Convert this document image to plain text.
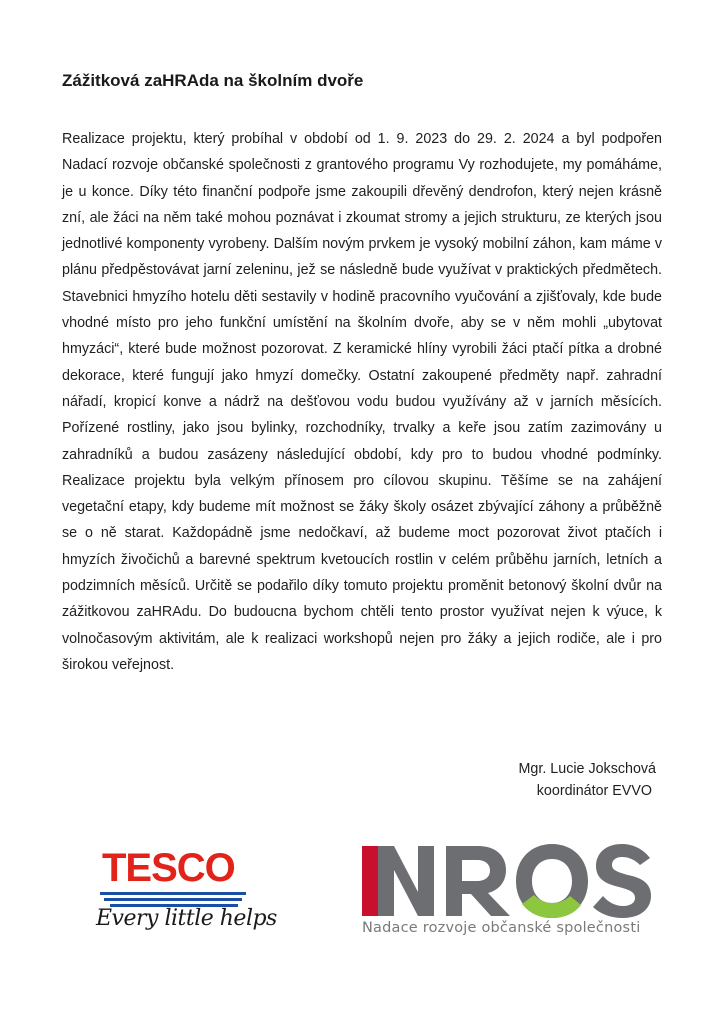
Zážitková zaHRAda na školním dvoře

Realizace projektu, který probíhal v období od 1. 9. 2023 do 29. 2. 2024 a byl podpořen Nadací rozvoje občanské společnosti z grantového programu Vy rozhodujete, my pomáháme, je u konce. Díky této finanční podpoře jsme zakoupili dřevěný dendrofon, který nejen krásně zní, ale žáci na něm také mohou poznávat i zkoumat stromy a jejich strukturu, ze kterých jsou jednotlivé komponenty vyrobeny. Dalším novým prvkem je vysoký mobilní záhon, kam máme v plánu předpěstovávat jarní zeleninu, jež se následně bude využívat v praktických předmětech. Stavebnici hmyzího hotelu děti sestavily v hodině pracovního vyučování a zjišťovaly, kde bude vhodné místo pro jeho funkční umístění na školním dvoře, aby se v něm mohli „ubytovat hmyzáci“, které bude možnost pozorovat. Z keramické hlíny vyrobili žáci ptačí pítka a drobné dekorace, které fungují jako hmyzí domečky. Ostatní zakoupené předměty např. zahradní nářadí, kropicí konve a nádrž na dešťovou vodu budou využívány až v jarních měsících. Pořízené rostliny, jako jsou bylinky, rozchodníky, trvalky a keře jsou zatím zazimovány u zahradníků a budou zasázeny následující období, kdy pro to budou vhodné podmínky. Realizace projektu byla velkým přínosem pro cílovou skupinu. Těšíme se na zahájení vegetační etapy, kdy budeme mít možnost se žáky školy osázet zbývající záhony a průběžně se o ně starat. Každopádně jsme nedočkaví, až budeme moct pozorovat život ptačích i hmyzích živočichů a barevné spektrum kvetoucích rostlin v celém průběhu jarních, letních a podzimních měsíců. Určitě se podařilo díky tomuto projektu proměnit betonový školní dvůr na zážitkovou zaHRAdu. Do budoucna bychom chtěli tento prostor využívat nejen k výuce, k volnočasovým aktivitám, ale k realizaci workshopů nejen pro žáky a jejich rodiče, ale i pro širokou veřejnost.

Mgr. Lucie Jokschová
koordinátor EVVO
TESCO
Every little helps	Nadace rozvoje občanské společnosti
